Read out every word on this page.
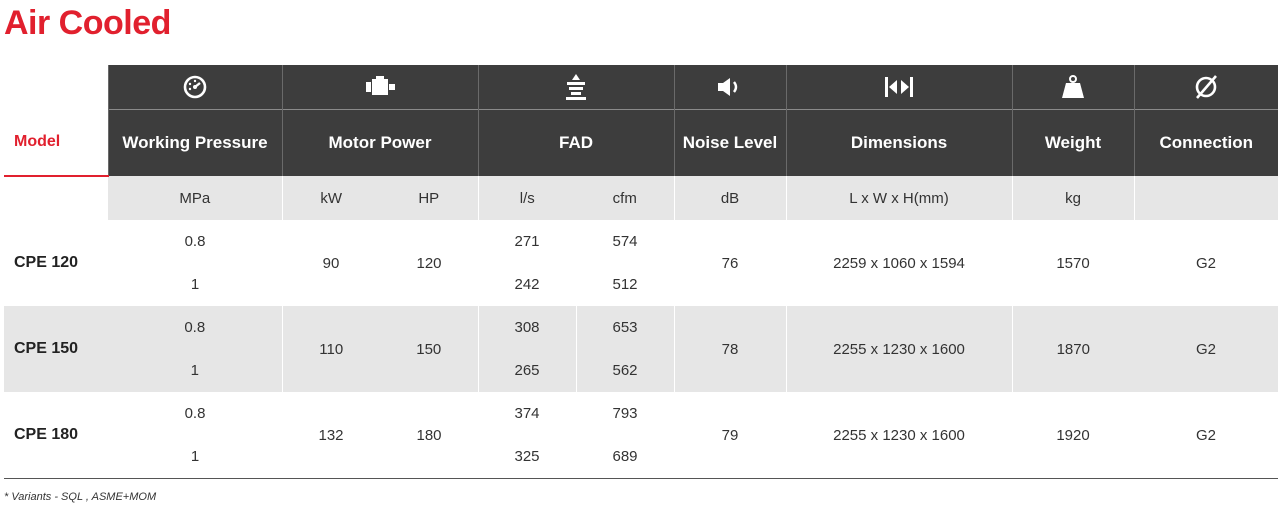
Air Cooled

Model	Working Pressure	Motor Power		FAD		Noise Level	Dimensions	Weight	Connection
	MPa	kW	HP	l/s	cfm	dB	L x W x H(mm)	kg	
CPE 120	0.8	90	120	271	574	76	2259 x 1060 x 1594	1570	G2
	1			242	512				
CPE 150	0.8	110	150	308	653	78	2255 x 1230 x 1600	1870	G2
	1			265	562				
CPE 180	0.8	132	180	374	793	79	2255 x 1230 x 1600	1920	G2
	1			325	689				
* Variants - SQL , ASME+MOM
